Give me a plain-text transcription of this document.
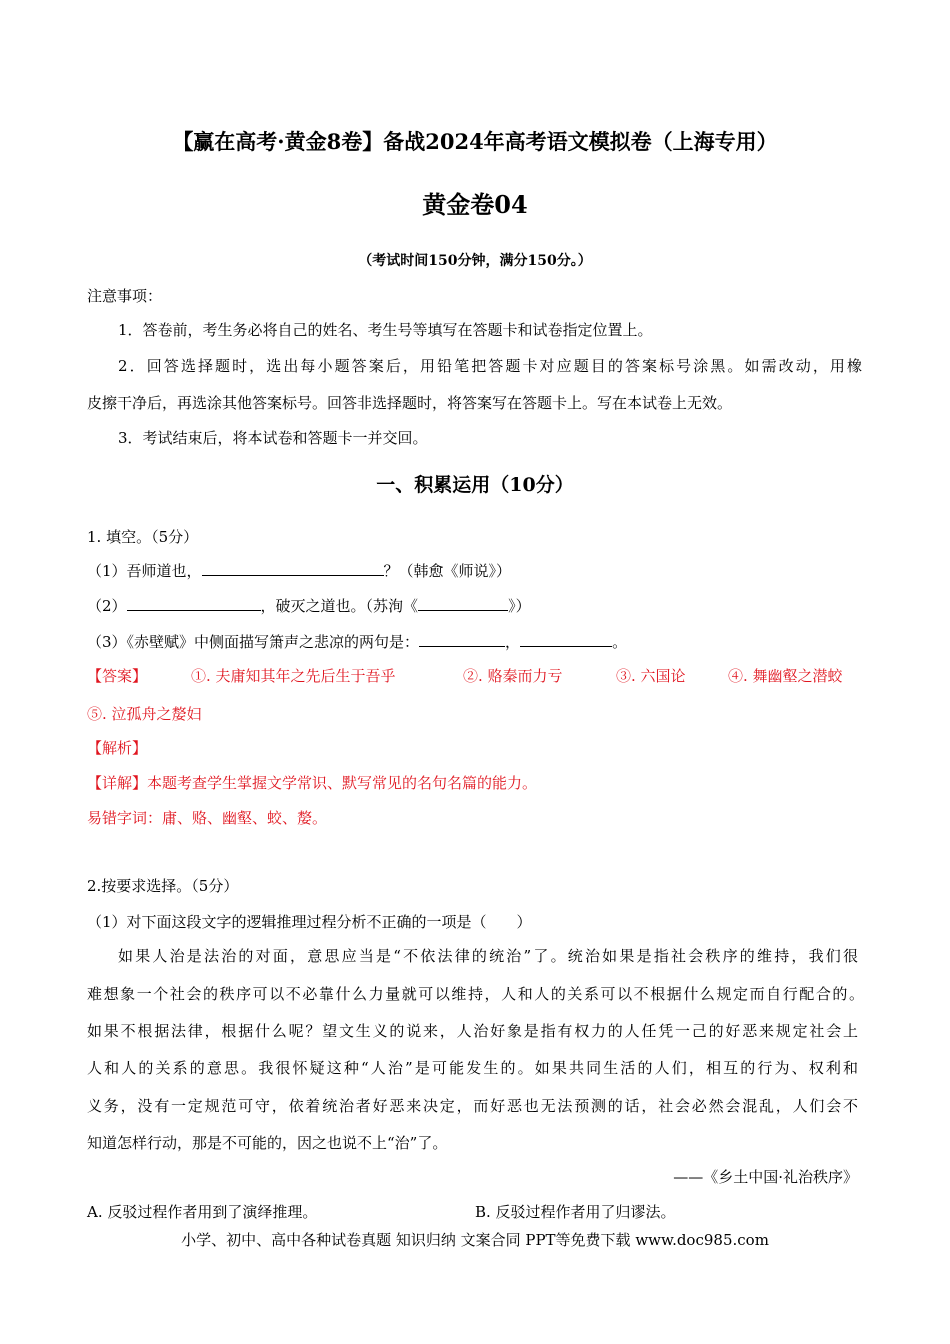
【赢在高考·黄金8卷】备战2024年高考语文模拟卷（上海专用）
黄金卷04
（考试时间150分钟，满分150分。）
注意事项：
1．答卷前，考生务必将自己的姓名、考生号等填写在答题卡和试卷指定位置上。
2．回答选择题时，选出每小题答案后，用铅笔把答题卡对应题目的答案标号涂黑。如需改动，用橡
皮擦干净后，再选涂其他答案标号。回答非选择题时，将答案写在答题卡上。写在本试卷上无效。
3．考试结束后，将本试卷和答题卡一并交回。
一、积累运用（10分）
1. 填空。（5分）
（1）吾师道也，	？（韩愈《师说》）
（2）	，破灭之道也。（苏洵《	》）
（3）《赤壁赋》中侧面描写箫声之悲凉的两句是：	，	。
【答案】	①. 夫庸知其年之先后生于吾乎	②. 赂秦而力亏	③. 六国论	④. 舞幽壑之潜蛟
⑤. 泣孤舟之嫠妇
【解析】
【详解】本题考查学生掌握文学常识、默写常见的名句名篇的能力。
易错字词：庸、赂、幽壑、蛟、嫠。
2.按要求选择。（5分）
（1）对下面这段文字的逻辑推理过程分析不正确的一项是（　　）
如果人治是法治的对面，意思应当是“不依法律的统治”了。统治如果是指社会秩序的维持，我们很
难想象一个社会的秩序可以不必靠什么力量就可以维持，人和人的关系可以不根据什么规定而自行配合的。
如果不根据法律，根据什么呢？望文生义的说来，人治好象是指有权力的人任凭一己的好恶来规定社会上
人和人的关系的意思。我很怀疑这种“人治”是可能发生的。如果共同生活的人们，相互的行为、权利和
义务，没有一定规范可守，依着统治者好恶来决定，而好恶也无法预测的话，社会必然会混乱，人们会不
知道怎样行动，那是不可能的，因之也说不上“治”了。
——《乡土中国·礼治秩序》
A. 反驳过程作者用到了演绎推理。	B. 反驳过程作者用了归谬法。
小学、初中、高中各种试卷真题 知识归纳 文案合同 PPT等免费下载 www.doc985.com
